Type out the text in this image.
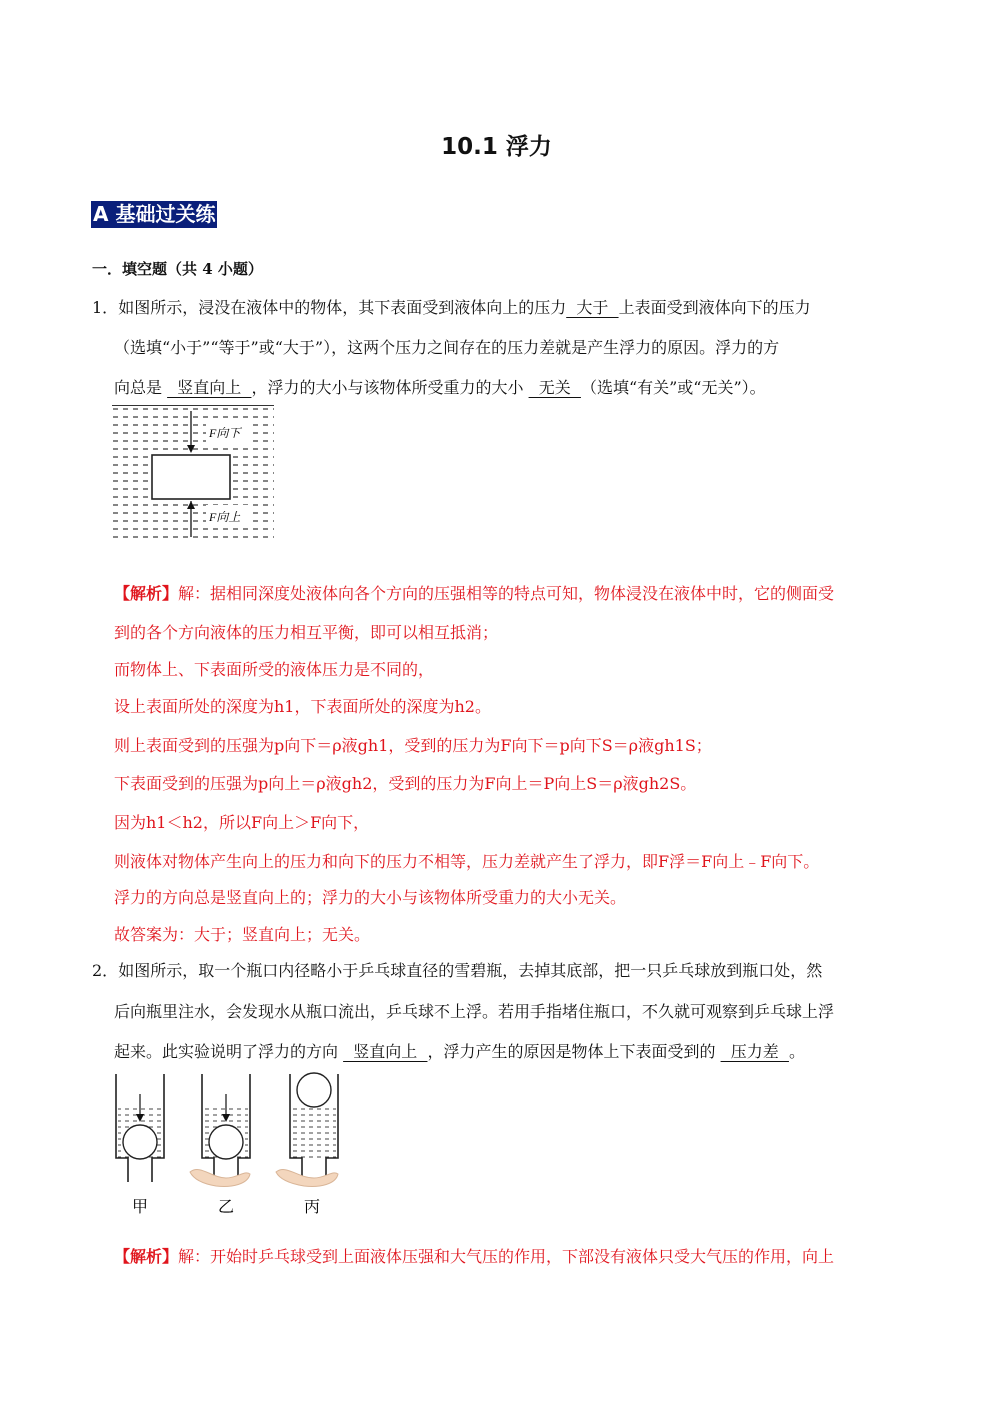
10.1 浮力
A 基础过关练
一．填空题（共 4 小题）
1．如图所示，浸没在液体中的物体，其下表面受到液体向上的压力  大于  上表面受到液体向下的压力
（选填“小于”“等于”或“大于”），这两个压力之间存在的压力差就是产生浮力的原因。浮力的方
向总是   竖直向上  ，浮力的大小与该物体所受重力的大小   无关  （选填“有关”或“无关”）。
F向下
F向上
【解析】解：据相同深度处液体向各个方向的压强相等的特点可知，物体浸没在液体中时，它的侧面受
到的各个方向液体的压力相互平衡，即可以相互抵消；
而物体上、下表面所受的液体压力是不同的，
设上表面所处的深度为h1，下表面所处的深度为h2。
则上表面受到的压强为p向下＝ρ液gh1，受到的压力为F向下＝p向下S＝ρ液gh1S；
下表面受到的压强为p向上＝ρ液gh2，受到的压力为F向上＝P向上S＝ρ液gh2S。
因为h1＜h2，所以F向上＞F向下，
则液体对物体产生向上的压力和向下的压力不相等，压力差就产生了浮力，即F浮＝F向上﹣F向下。
浮力的方向总是竖直向上的；浮力的大小与该物体所受重力的大小无关。
故答案为：大于；竖直向上；无关。
2．如图所示，取一个瓶口内径略小于乒乓球直径的雪碧瓶，去掉其底部，把一只乒乓球放到瓶口处，然
后向瓶里注水，会发现水从瓶口流出，乒乓球不上浮。若用手指堵住瓶口，不久就可观察到乒乓球上浮
起来。此实验说明了浮力的方向   竖直向上  ，浮力产生的原因是物体上下表面受到的   压力差  。
甲	乙	丙
【解析】解：开始时乒乓球受到上面液体压强和大气压的作用，下部没有液体只受大气压的作用，向上
